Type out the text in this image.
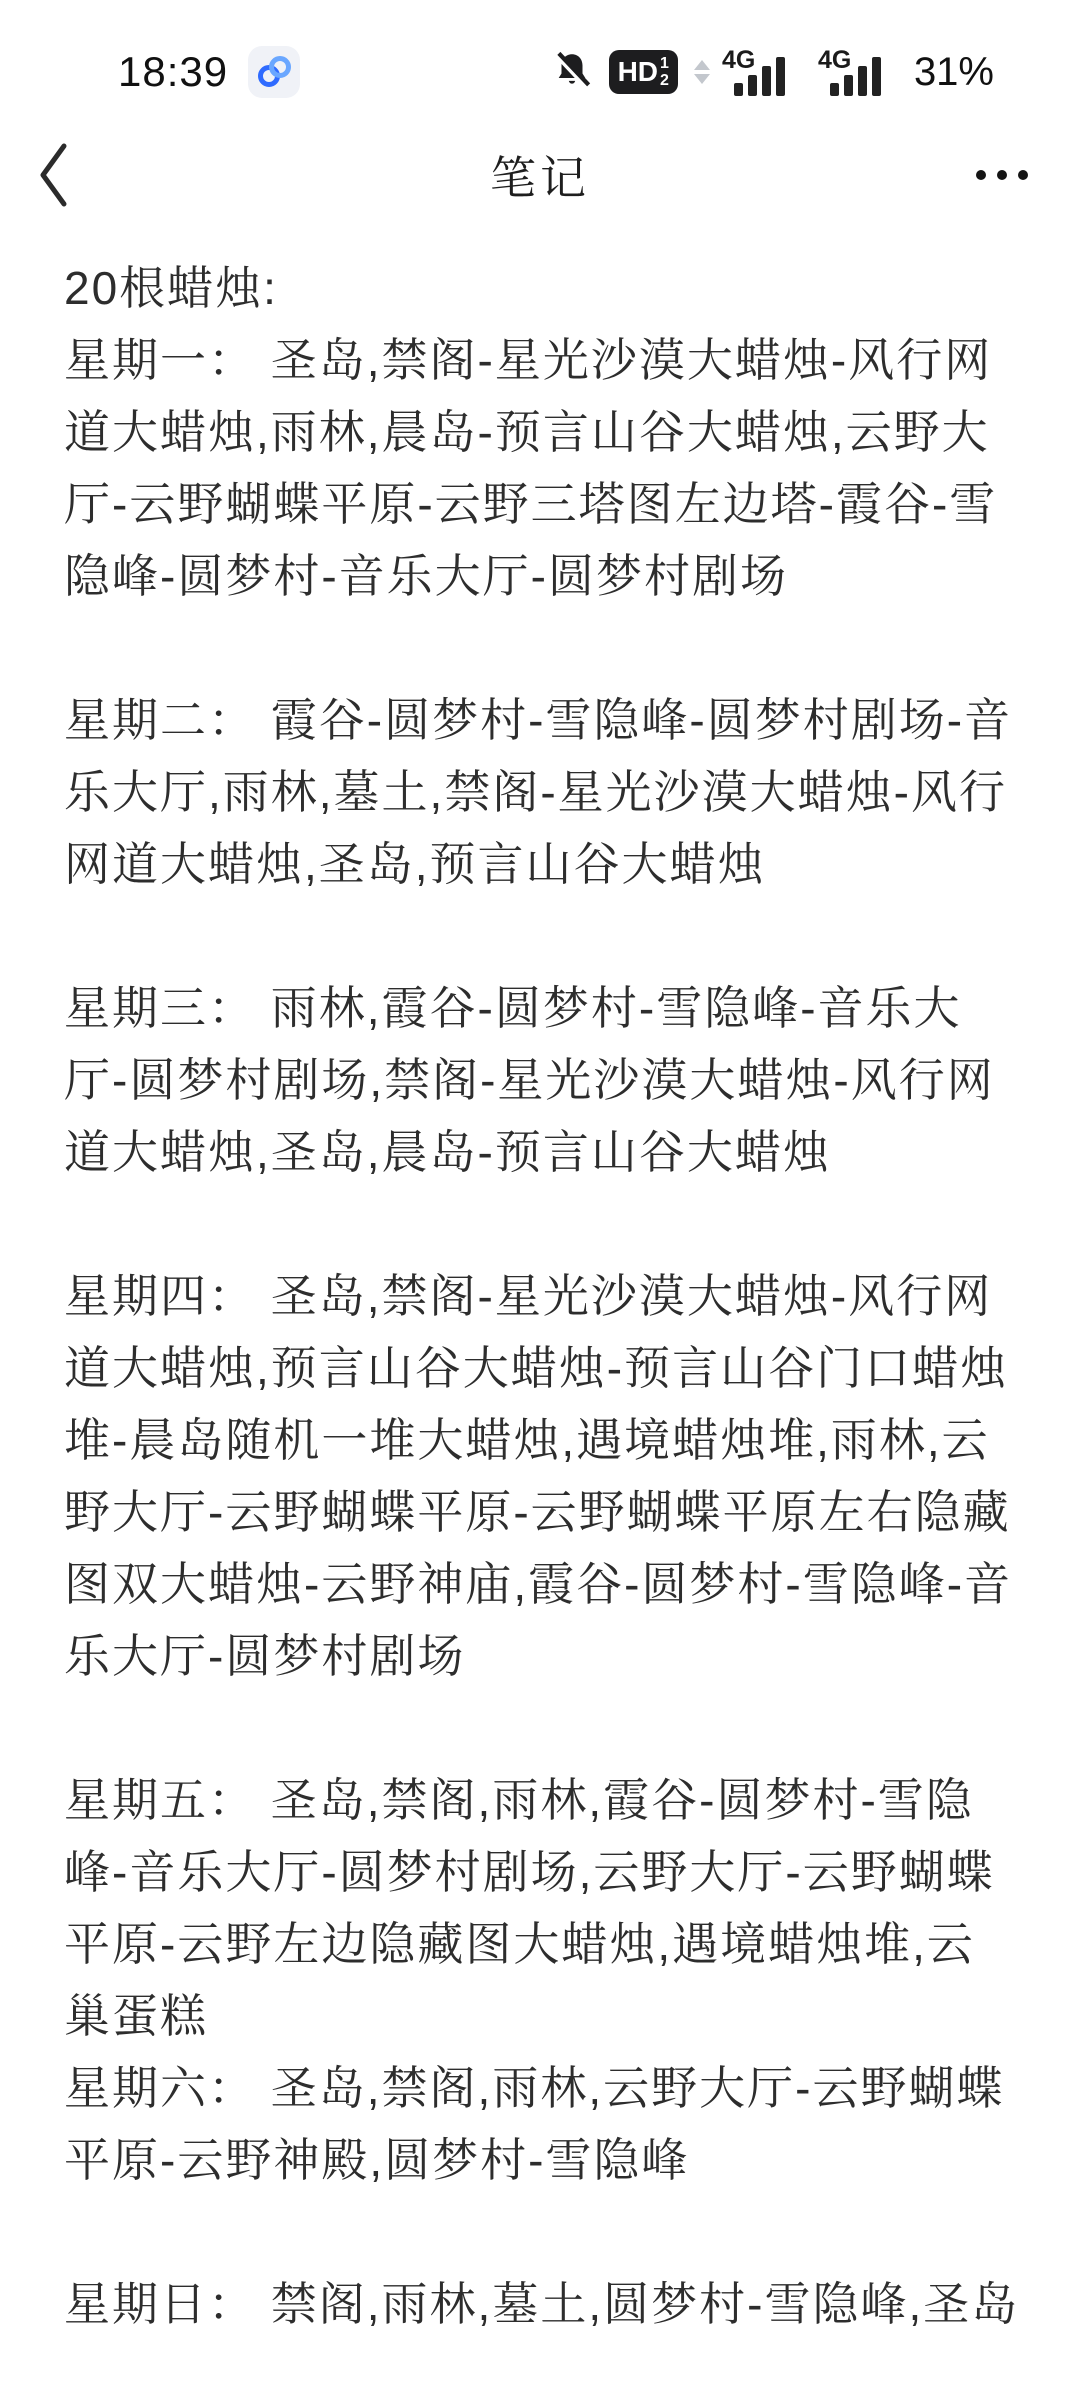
18:39	HD 1
2
4G	4G 31%
笔记

20根蜡烛:

星期一： 圣岛,禁阁-星光沙漠大蜡烛-风行网道大蜡烛,雨林,晨岛-预言山谷大蜡烛,云野大厅-云野蝴蝶平原-云野三塔图左边塔-霞谷-雪隐峰-圆梦村-音乐大厅-圆梦村剧场

星期二： 霞谷-圆梦村-雪隐峰-圆梦村剧场-音乐大厅,雨林,墓土,禁阁-星光沙漠大蜡烛-风行网道大蜡烛,圣岛,预言山谷大蜡烛

星期三： 雨林,霞谷-圆梦村-雪隐峰-音乐大厅-圆梦村剧场,禁阁-星光沙漠大蜡烛-风行网道大蜡烛,圣岛,晨岛-预言山谷大蜡烛

星期四： 圣岛,禁阁-星光沙漠大蜡烛-风行网道大蜡烛,预言山谷大蜡烛-预言山谷门口蜡烛堆-晨岛随机一堆大蜡烛,遇境蜡烛堆,雨林,云野大厅-云野蝴蝶平原-云野蝴蝶平原左右隐藏图双大蜡烛-云野神庙,霞谷-圆梦村-雪隐峰-音乐大厅-圆梦村剧场

星期五： 圣岛,禁阁,雨林,霞谷-圆梦村-雪隐峰-音乐大厅-圆梦村剧场,云野大厅-云野蝴蝶平原-云野左边隐藏图大蜡烛,遇境蜡烛堆,云巢蛋糕

星期六： 圣岛,禁阁,雨林,云野大厅-云野蝴蝶平原-云野神殿,圆梦村-雪隐峰

星期日： 禁阁,雨林,墓土,圆梦村-雪隐峰,圣岛
